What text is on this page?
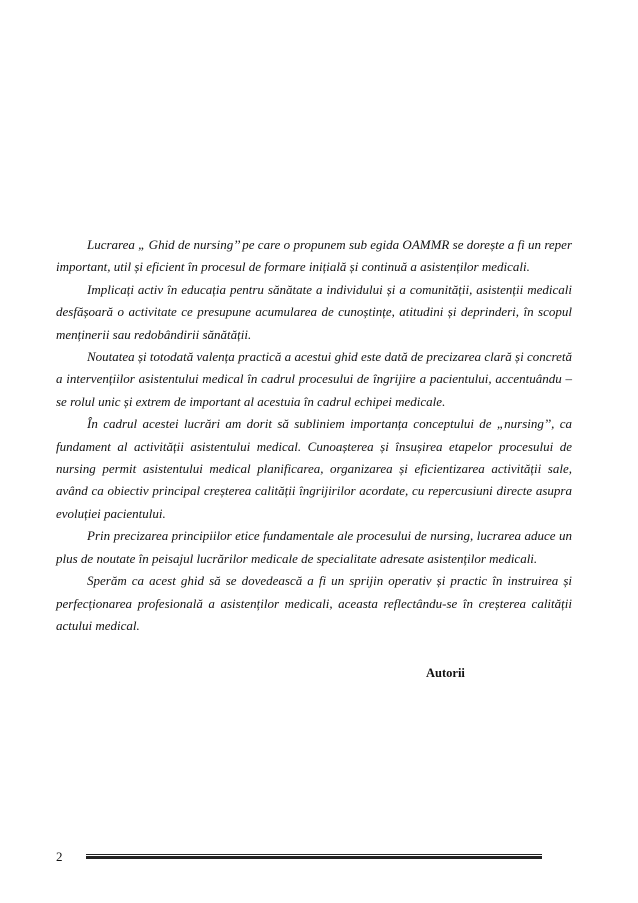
Lucrarea „ Ghid de nursing’’ pe care o propunem sub egida OAMMR se dorește a fi un reper important, util și eficient în procesul de formare inițială și continuă a asistenților medicali.

Implicați activ în educația pentru sănătate a individului și a comunității, asistenții medicali desfășoară o activitate ce presupune acumularea de cunoștințe, atitudini și deprinderi, în scopul menținerii sau redobândirii sănătății.

Noutatea și totodată valența practică a acestui ghid este dată de precizarea clară și concretă a intervențiilor asistentului medical în cadrul procesului de îngrijire a pacientului, accentuându – se rolul unic și extrem de important al acestuia în cadrul echipei medicale.

În cadrul acestei lucrări am dorit să subliniem importanța conceptului de „nursing’’, ca fundament al activității asistentului medical. Cunoașterea și însușirea etapelor procesului de nursing permit asistentului medical planificarea, organizarea și eficientizarea activității sale, având ca obiectiv principal creșterea calității îngrijirilor acordate, cu repercusiuni directe asupra evoluției pacientului.

Prin precizarea principiilor etice fundamentale ale procesului de nursing, lucrarea aduce un plus de noutate în peisajul lucrărilor medicale de specialitate adresate asistenților medicali.

Sperăm ca acest ghid să se dovedească a fi un sprijin operativ și practic în instruirea și perfecționarea profesională a asistenților medicali, aceasta reflectându-se în creșterea calității actului medical.

Autorii
2
